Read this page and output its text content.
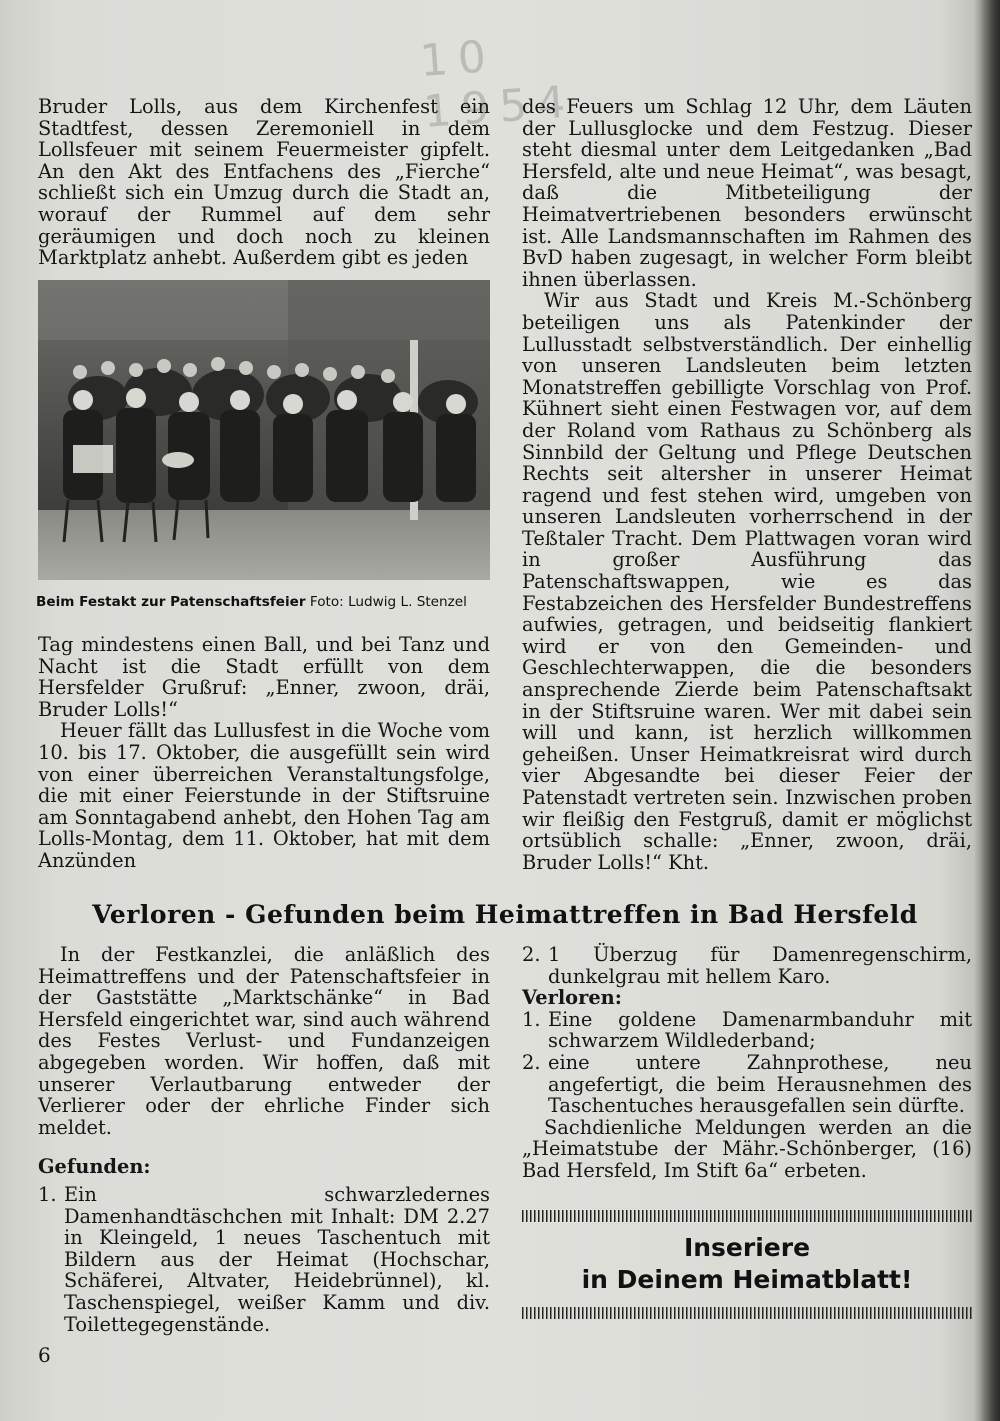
10 1954

Bruder Lolls, aus dem Kirchenfest ein Stadtfest, dessen Zeremoniell in dem Lollsfeuer mit seinem Feuermeister gipfelt. An den Akt des Entfachens des „Fierche“ schließt sich ein Umzug durch die Stadt an, worauf der Rummel auf dem sehr geräumigen und doch noch zu kleinen Marktplatz anhebt. Außerdem gibt es jeden

Beim Festakt zur Patenschaftsfeier Foto: Ludwig L. Stenzel

Tag mindestens einen Ball, und bei Tanz und Nacht ist die Stadt erfüllt von dem Hersfelder Grußruf: „Enner, zwoon, dräi, Bruder Lolls!“

Heuer fällt das Lullusfest in die Woche vom 10. bis 17. Oktober, die ausgefüllt sein wird von einer überreichen Veranstaltungsfolge, die mit einer Feierstunde in der Stiftsruine am Sonntagabend anhebt, den Hohen Tag am Lolls-Montag, dem 11. Oktober, hat mit dem Anzünden

des Feuers um Schlag 12 Uhr, dem Läuten der Lullusglocke und dem Festzug. Dieser steht diesmal unter dem Leitgedanken „Bad Hersfeld, alte und neue Heimat“, was besagt, daß die Mitbeteiligung der Heimatvertriebenen besonders erwünscht ist. Alle Landsmannschaften im Rahmen des BvD haben zugesagt, in welcher Form bleibt ihnen überlassen.

Wir aus Stadt und Kreis M.-Schönberg beteiligen uns als Patenkinder der Lullusstadt selbstverständlich. Der einhellig von unseren Landsleuten beim letzten Monatstreffen gebilligte Vorschlag von Prof. Kühnert sieht einen Festwagen vor, auf dem der Roland vom Rathaus zu Schönberg als Sinnbild der Geltung und Pflege Deutschen Rechts seit altersher in unserer Heimat ragend und fest stehen wird, umgeben von unseren Landsleuten vorherrschend in der Teßtaler Tracht. Dem Plattwagen voran wird in großer Ausführung das Patenschaftswappen, wie es das Festabzeichen des Hersfelder Bundestreffens aufwies, getragen, und beidseitig flankiert wird er von den Gemeinden- und Geschlechterwappen, die die besonders ansprechende Zierde beim Patenschaftsakt in der Stiftsruine waren. Wer mit dabei sein will und kann, ist herzlich willkommen geheißen. Unser Heimatkreisrat wird durch vier Abgesandte bei dieser Feier der Patenstadt vertreten sein. Inzwischen proben wir fleißig den Festgruß, damit er möglichst ortsüblich schalle: „Enner, zwoon, dräi, Bruder Lolls!“ Kht.

Verloren - Gefunden beim Heimattreffen in Bad Hersfeld

In der Festkanzlei, die anläßlich des Heimattreffens und der Patenschaftsfeier in der Gaststätte „Marktschänke“ in Bad Hersfeld eingerichtet war, sind auch während des Festes Verlust- und Fundanzeigen abgegeben worden. Wir hoffen, daß mit unserer Verlautbarung entweder der Verlierer oder der ehrliche Finder sich meldet.

Gefunden:

1. Ein schwarzledernes Damenhandtäschchen mit Inhalt: DM 2.27 in Kleingeld, 1 neues Taschentuch mit Bildern aus der Heimat (Hochschar, Schäferei, Altvater, Heidebrünnel), kl. Taschenspiegel, weißer Kamm und div. Toilettegegenstände.
2. 1 Überzug für Damenregenschirm, dunkelgrau mit hellem Karo.

Verloren:

1. Eine goldene Damenarmbanduhr mit schwarzem Wildlederband;
2. eine untere Zahnprothese, neu angefertigt, die beim Herausnehmen des Taschentuches herausgefallen sein dürfte.

Sachdienliche Meldungen werden an die „Heimatstube der Mähr.-Schönberger, (16) Bad Hersfeld, Im Stift 6a“ erbeten.

Inseriere
in Deinem Heimatblatt!
6
